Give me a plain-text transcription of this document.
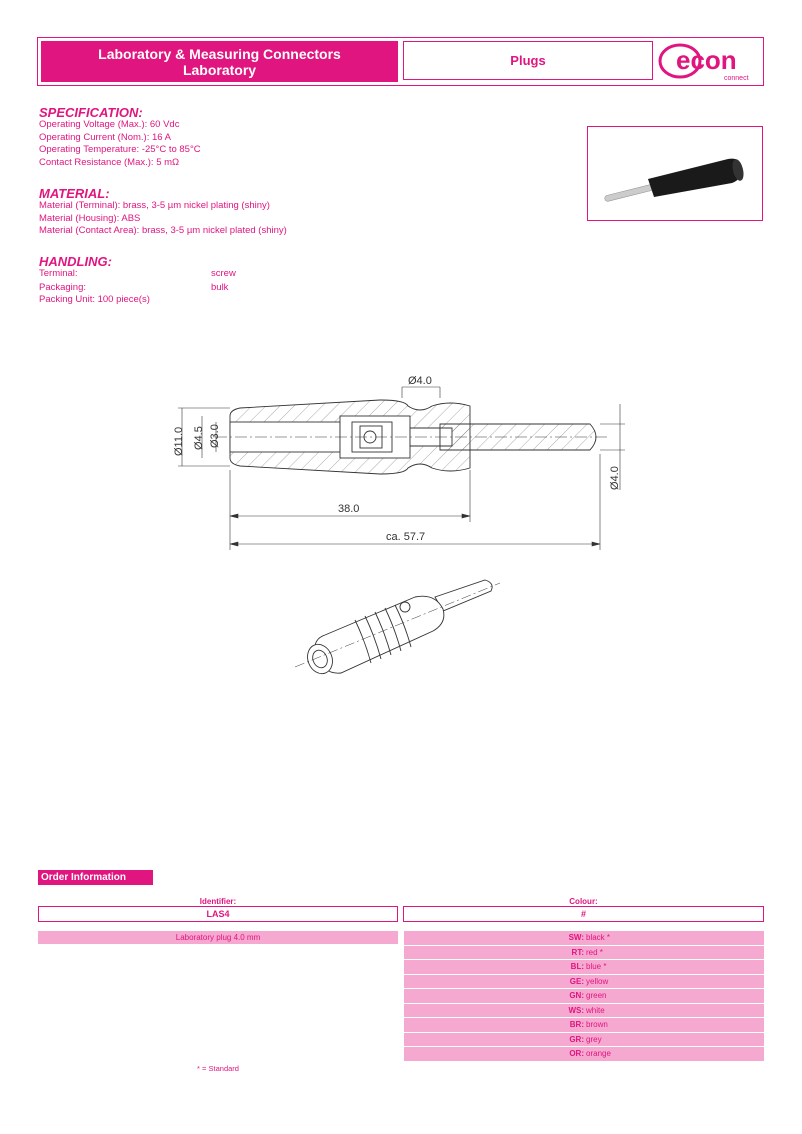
Laboratory & Measuring Connectors
Laboratory
Plugs	econ
connect
SPECIFICATION:
Operating Voltage (Max.): 60 Vdc
Operating Current (Nom.): 16 A
Operating Temperature: -25°C to 85°C
Contact Resistance (Max.): 5 mΩ
MATERIAL:
Material (Terminal): brass, 3-5 µm nickel plating (shiny)
Material (Housing): ABS
Material (Contact Area): brass, 3-5 µm nickel plated (shiny)
HANDLING:
Terminal:	screw
Packaging:	bulk
Packing Unit: 100 piece(s)
Ø4.0
Ø11.0 Ø4.5 Ø3.0
Ø4.0
38.0
ca. 57.7
Order Information
Identifier:
LAS4
Colour:
#
Laboratory plug 4.0 mm	SW: black *
RT: red *
BL: blue *
GE: yellow
GN: green
WS: white
BR: brown
GR: grey
OR: orange
* = Standard
